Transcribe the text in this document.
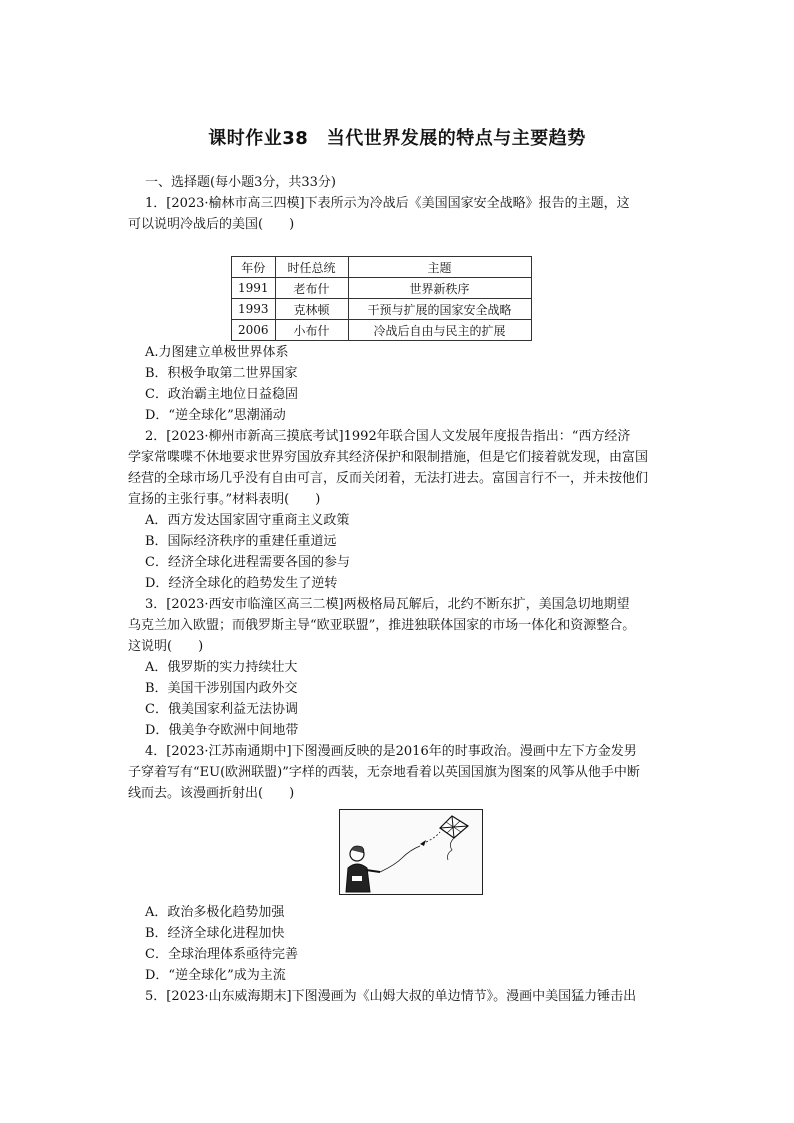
课时作业38　当代世界发展的特点与主要趋势
一、选择题(每小题3分，共33分)
1．[2023·榆林市高三四模]下表所示为冷战后《美国国家安全战略》报告的主题，这
可以说明冷战后的美国(　　)
年份	时任总统	主题
1991	老布什	世界新秩序
1993	克林顿	干预与扩展的国家安全战略
2006	小布什	冷战后自由与民主的扩展
A.力图建立单极世界体系
B．积极争取第二世界国家
C．政治霸主地位日益稳固
D．“逆全球化”思潮涌动
2．[2023·柳州市新高三摸底考试]1992年联合国人文发展年度报告指出：“西方经济
学家常喋喋不休地要求世界穷国放弃其经济保护和限制措施，但是它们接着就发现，由富国
经营的全球市场几乎没有自由可言，反而关闭着，无法打进去。富国言行不一，并未按他们
宣扬的主张行事。”材料表明(　　)
A．西方发达国家固守重商主义政策
B．国际经济秩序的重建任重道远
C．经济全球化进程需要各国的参与
D．经济全球化的趋势发生了逆转
3．[2023·西安市临潼区高三二模]两极格局瓦解后，北约不断东扩，美国急切地期望
乌克兰加入欧盟；而俄罗斯主导“欧亚联盟”，推进独联体国家的市场一体化和资源整合。
这说明(　　)
A．俄罗斯的实力持续壮大
B．美国干涉别国内政外交
C．俄美国家利益无法协调
D．俄美争夺欧洲中间地带
4．[2023·江苏南通期中]下图漫画反映的是2016年的时事政治。漫画中左下方金发男
子穿着写有“EU(欧洲联盟)”字样的西装，无奈地看着以英国国旗为图案的风筝从他手中断
线而去。该漫画折射出(　　)
A．政治多极化趋势加强
B．经济全球化进程加快
C．全球治理体系亟待完善
D．“逆全球化”成为主流
5．[2023·山东威海期末]下图漫画为《山姆大叔的单边情节》。漫画中美国猛力锤击出
